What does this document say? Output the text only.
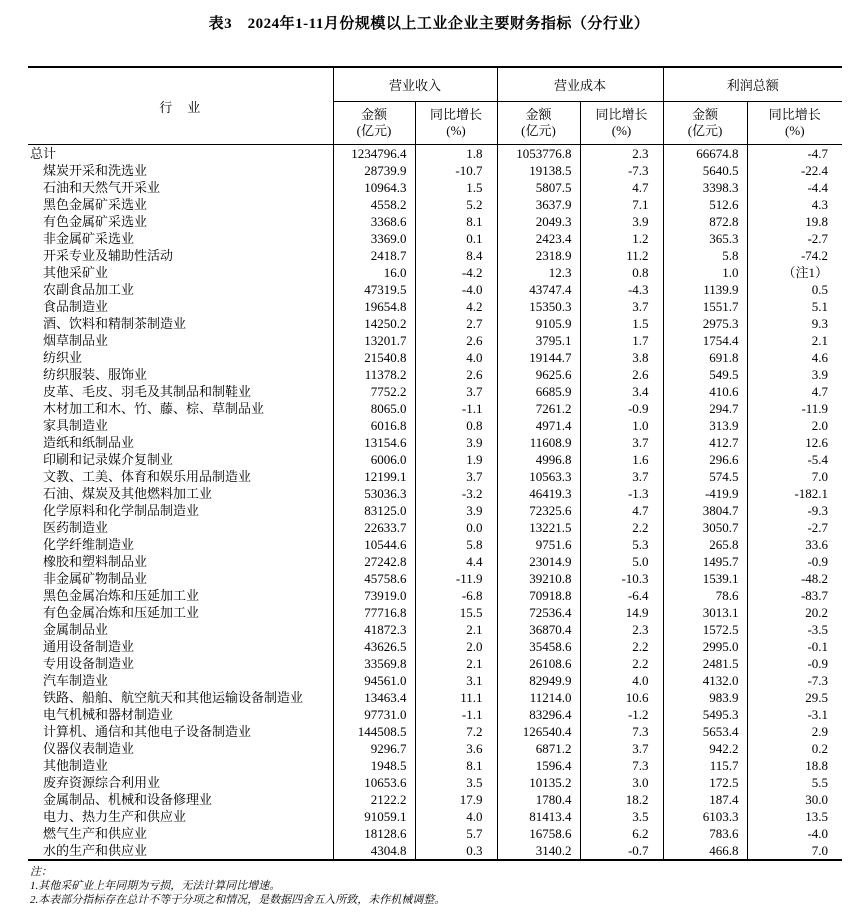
表3　2024年1-11月份规模以上工业企业主要财务指标（分行业）
行　业	营业收入		营业成本		利润总额	

金额
(亿元)

同比增长
(%)

金额
(亿元)

同比增长
(%)

金额
(亿元)

同比增长
(%)

总计	1234796.4	1.8	1053776.8	2.3	66674.8	-4.7
煤炭开采和洗选业	28739.9	-10.7	19138.5	-7.3	5640.5	-22.4
石油和天然气开采业	10964.3	1.5	5807.5	4.7	3398.3	-4.4
黑色金属矿采选业	4558.2	5.2	3637.9	7.1	512.6	4.3
有色金属矿采选业	3368.6	8.1	2049.3	3.9	872.8	19.8
非金属矿采选业	3369.0	0.1	2423.4	1.2	365.3	-2.7
开采专业及辅助性活动	2418.7	8.4	2318.9	11.2	5.8	-74.2
其他采矿业	16.0	-4.2	12.3	0.8	1.0	（注1）
农副食品加工业	47319.5	-4.0	43747.4	-4.3	1139.9	0.5
食品制造业	19654.8	4.2	15350.3	3.7	1551.7	5.1
酒、饮料和精制茶制造业	14250.2	2.7	9105.9	1.5	2975.3	9.3
烟草制品业	13201.7	2.6	3795.1	1.7	1754.4	2.1
纺织业	21540.8	4.0	19144.7	3.8	691.8	4.6
纺织服装、服饰业	11378.2	2.6	9625.6	2.6	549.5	3.9
皮革、毛皮、羽毛及其制品和制鞋业	7752.2	3.7	6685.9	3.4	410.6	4.7
木材加工和木、竹、藤、棕、草制品业	8065.0	-1.1	7261.2	-0.9	294.7	-11.9
家具制造业	6016.8	0.8	4971.4	1.0	313.9	2.0
造纸和纸制品业	13154.6	3.9	11608.9	3.7	412.7	12.6
印刷和记录媒介复制业	6006.0	1.9	4996.8	1.6	296.6	-5.4
文教、工美、体育和娱乐用品制造业	12199.1	3.7	10563.3	3.7	574.5	7.0
石油、煤炭及其他燃料加工业	53036.3	-3.2	46419.3	-1.3	-419.9	-182.1
化学原料和化学制品制造业	83125.0	3.9	72325.6	4.7	3804.7	-9.3
医药制造业	22633.7	0.0	13221.5	2.2	3050.7	-2.7
化学纤维制造业	10544.6	5.8	9751.6	5.3	265.8	33.6
橡胶和塑料制品业	27242.8	4.4	23014.9	5.0	1495.7	-0.9
非金属矿物制品业	45758.6	-11.9	39210.8	-10.3	1539.1	-48.2
黑色金属冶炼和压延加工业	73919.0	-6.8	70918.8	-6.4	78.6	-83.7
有色金属冶炼和压延加工业	77716.8	15.5	72536.4	14.9	3013.1	20.2
金属制品业	41872.3	2.1	36870.4	2.3	1572.5	-3.5
通用设备制造业	43626.5	2.0	35458.6	2.2	2995.0	-0.1
专用设备制造业	33569.8	2.1	26108.6	2.2	2481.5	-0.9
汽车制造业	94561.0	3.1	82949.9	4.0	4132.0	-7.3
铁路、船舶、航空航天和其他运输设备制造业	13463.4	11.1	11214.0	10.6	983.9	29.5
电气机械和器材制造业	97731.0	-1.1	83296.4	-1.2	5495.3	-3.1
计算机、通信和其他电子设备制造业	144508.5	7.2	126540.4	7.3	5653.4	2.9
仪器仪表制造业	9296.7	3.6	6871.2	3.7	942.2	0.2
其他制造业	1948.5	8.1	1596.4	7.3	115.7	18.8
废弃资源综合利用业	10653.6	3.5	10135.2	3.0	172.5	5.5
金属制品、机械和设备修理业	2122.2	17.9	1780.4	18.2	187.4	30.0
电力、热力生产和供应业	91059.1	4.0	81413.4	3.5	6103.3	13.5
燃气生产和供应业	18128.6	5.7	16758.6	6.2	783.6	-4.0
水的生产和供应业	4304.8	0.3	3140.2	-0.7	466.8	7.0
注：
1.其他采矿业上年同期为亏损，无法计算同比增速。
2.本表部分指标存在总计不等于分项之和情况，是数据四舍五入所致，未作机械调整。
